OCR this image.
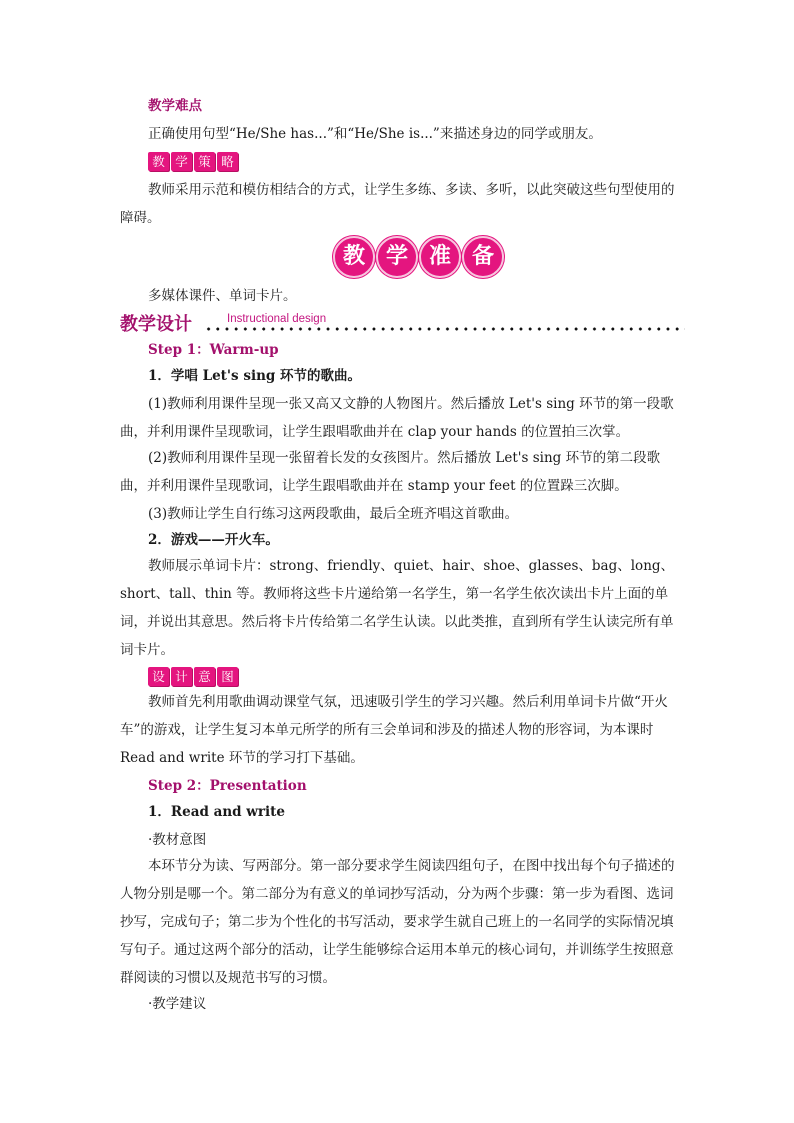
教学难点

正确使用句型“He/She has...”和“He/She is...”来描述身边的同学或朋友。

教 学 策 略

教师采用示范和模仿相结合的方式，让学生多练、多读、多听，以此突破这些句型使用的障碍。

教 学 准 备

多媒体课件、单词卡片。

教学设计	Instructional design
Step 1：Warm-up
1．学唱 Let's sing 环节的歌曲。

(1)教师利用课件呈现一张又高又文静的人物图片。然后播放 Let's sing 环节的第一段歌曲，并利用课件呈现歌词，让学生跟唱歌曲并在 clap your hands 的位置拍三次掌。

(2)教师利用课件呈现一张留着长发的女孩图片。然后播放 Let's sing 环节的第二段歌曲，并利用课件呈现歌词，让学生跟唱歌曲并在 stamp your feet 的位置跺三次脚。

(3)教师让学生自行练习这两段歌曲，最后全班齐唱这首歌曲。

2．游戏——开火车。

教师展示单词卡片：strong、friendly、quiet、hair、shoe、glasses、bag、long、short、tall、thin 等。教师将这些卡片递给第一名学生，第一名学生依次读出卡片上面的单词，并说出其意思。然后将卡片传给第二名学生认读。以此类推，直到所有学生认读完所有单词卡片。

设 计 意 图

教师首先利用歌曲调动课堂气氛，迅速吸引学生的学习兴趣。然后利用单词卡片做“开火车”的游戏，让学生复习本单元所学的所有三会单词和涉及的描述人物的形容词，为本课时 Read and write 环节的学习打下基础。

Step 2：Presentation
1．Read and write
·教材意图

本环节分为读、写两部分。第一部分要求学生阅读四组句子，在图中找出每个句子描述的人物分别是哪一个。第二部分为有意义的单词抄写活动，分为两个步骤：第一步为看图、选词抄写，完成句子；第二步为个性化的书写活动，要求学生就自己班上的一名同学的实际情况填写句子。通过这两个部分的活动，让学生能够综合运用本单元的核心词句，并训练学生按照意群阅读的习惯以及规范书写的习惯。

·教学建议
